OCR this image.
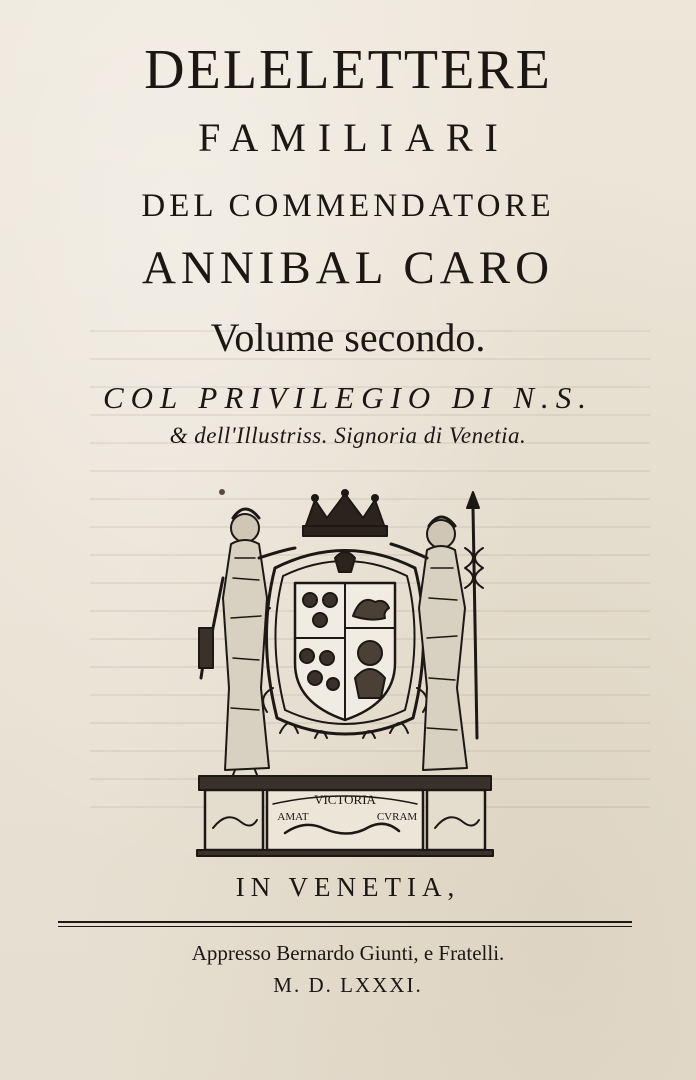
DELELETTERE
FAMILIARI
DEL COMMENDATORE
ANNIBAL CARO
Volume secondo.
COL PRIVILEGIO DI N.S.
& dell'Illustriss. Signoria di Venetia.
VICTORIA
AMAT	CVRAM
IN VENETIA,
Appresso Bernardo Giunti, e Fratelli.
M. D. LXXXI.
